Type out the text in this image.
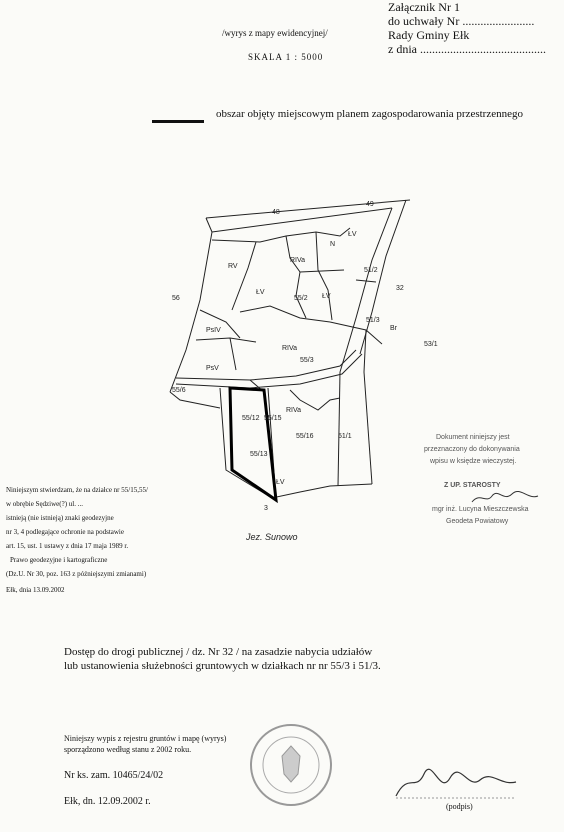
Załącznik Nr 1
do uchwały Nr ........................
Rady Gminy Ełk
z dnia ..........................................
/wyrys z mapy ewidencyjnej/
SKALA 1 : 5000
obszar objęty miejscowym planem zagospodarowania przestrzennego
48
49
56
55/6
55/2
55/3
55/12
55/13
55/15
55/16
51/2
51/3
53/1
51/1
32
3
RIVa
RV
ŁV
PsIV
PsV
ŁV
RIVa
RIVa
ŁV
N
Br
ŁV
Jez. Sunowo
Niniejszym stwierdzam, że na działce nr 55/15,55/
w obrębie Sędziwe(?) ul. ...
istnieją (nie istnieją) znaki geodezyjne
nr 3, 4 podlegające ochronie na podstawie
art. 15, ust. 1 ustawy z dnia 17 maja 1989 r.
Prawo geodezyjne i kartograficzne
(Dz.U. Nr 30, poz. 163 z późniejszymi zmianami)
Ełk, dnia 13.09.2002
Dokument niniejszy jest
przeznaczony do dokonywania
wpisu w księdze wieczystej.
Z UP. STAROSTY
mgr inż. Lucyna Mieszczewska
Geodeta Powiatowy
Dostęp do drogi publicznej / dz. Nr 32 / na zasadzie nabycia udziałów
lub ustanowienia służebności gruntowych w działkach nr nr 55/3 i 51/3.
Niniejszy wypis z rejestru gruntów i mapę (wyrys)
sporządzono według stanu z 2002 roku.
Nr ks. zam. 10465/24/02
Ełk, dn. 12.09.2002 r.	(podpis)
